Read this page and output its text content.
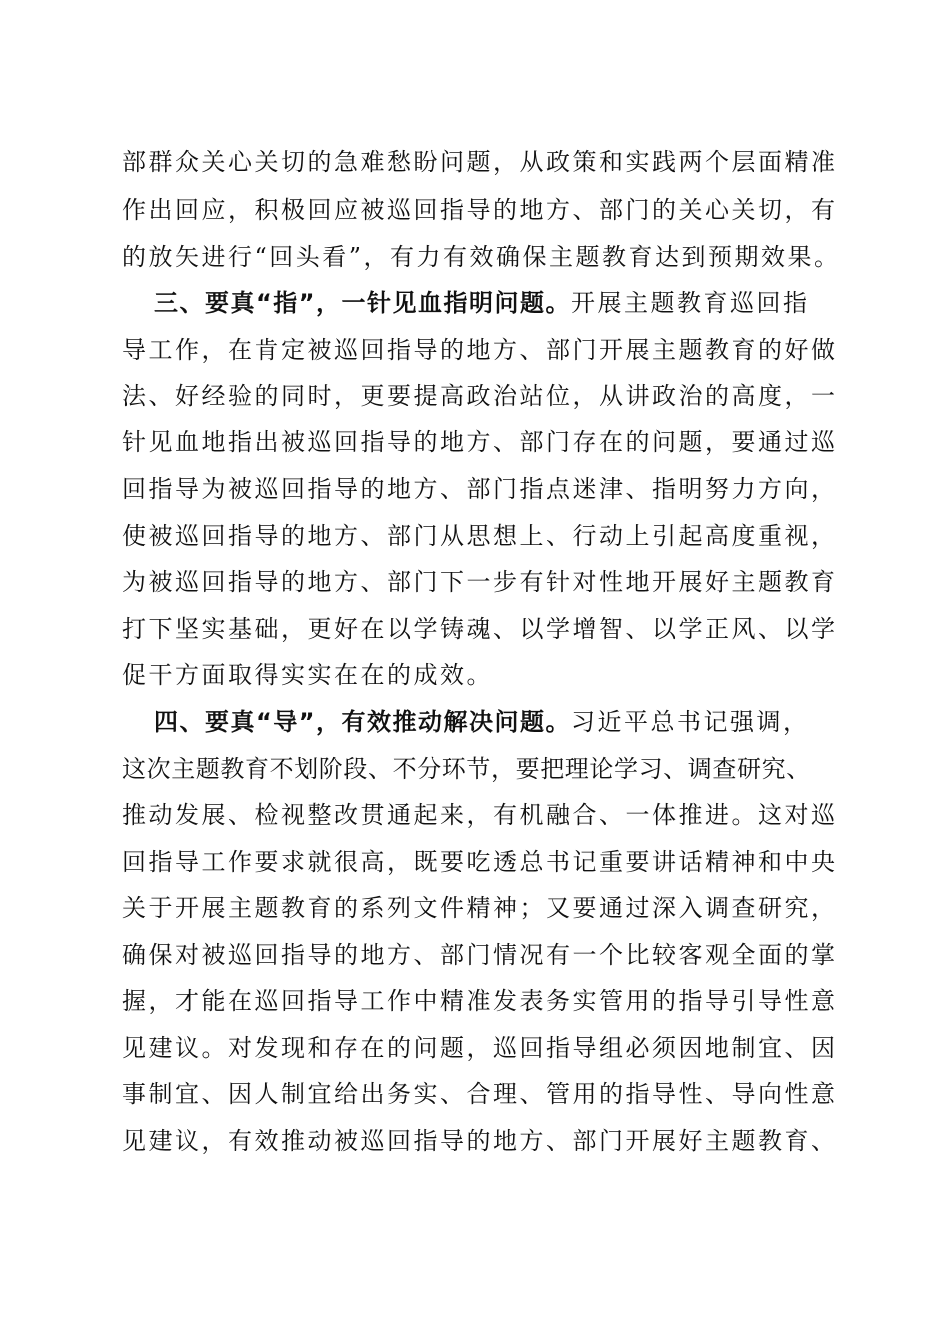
部群众关心关切的急难愁盼问题，从政策和实践两个层面精准
作出回应，积极回应被巡回指导的地方、部门的关心关切，有
的放矢进行“回头看”，有力有效确保主题教育达到预期效果。
三、要真“指”，一针见血指明问题。开展主题教育巡回指
导工作，在肯定被巡回指导的地方、部门开展主题教育的好做
法、好经验的同时，更要提高政治站位，从讲政治的高度，一
针见血地指出被巡回指导的地方、部门存在的问题，要通过巡
回指导为被巡回指导的地方、部门指点迷津、指明努力方向，
使被巡回指导的地方、部门从思想上、行动上引起高度重视，
为被巡回指导的地方、部门下一步有针对性地开展好主题教育
打下坚实基础，更好在以学铸魂、以学增智、以学正风、以学
促干方面取得实实在在的成效。
四、要真“导”，有效推动解决问题。习近平总书记强调，
这次主题教育不划阶段、不分环节，要把理论学习、调查研究、
推动发展、检视整改贯通起来，有机融合、一体推进。这对巡
回指导工作要求就很高，既要吃透总书记重要讲话精神和中央
关于开展主题教育的系列文件精神；又要通过深入调查研究，
确保对被巡回指导的地方、部门情况有一个比较客观全面的掌
握，才能在巡回指导工作中精准发表务实管用的指导引导性意
见建议。对发现和存在的问题，巡回指导组必须因地制宜、因
事制宜、因人制宜给出务实、合理、管用的指导性、导向性意
见建议，有效推动被巡回指导的地方、部门开展好主题教育、
